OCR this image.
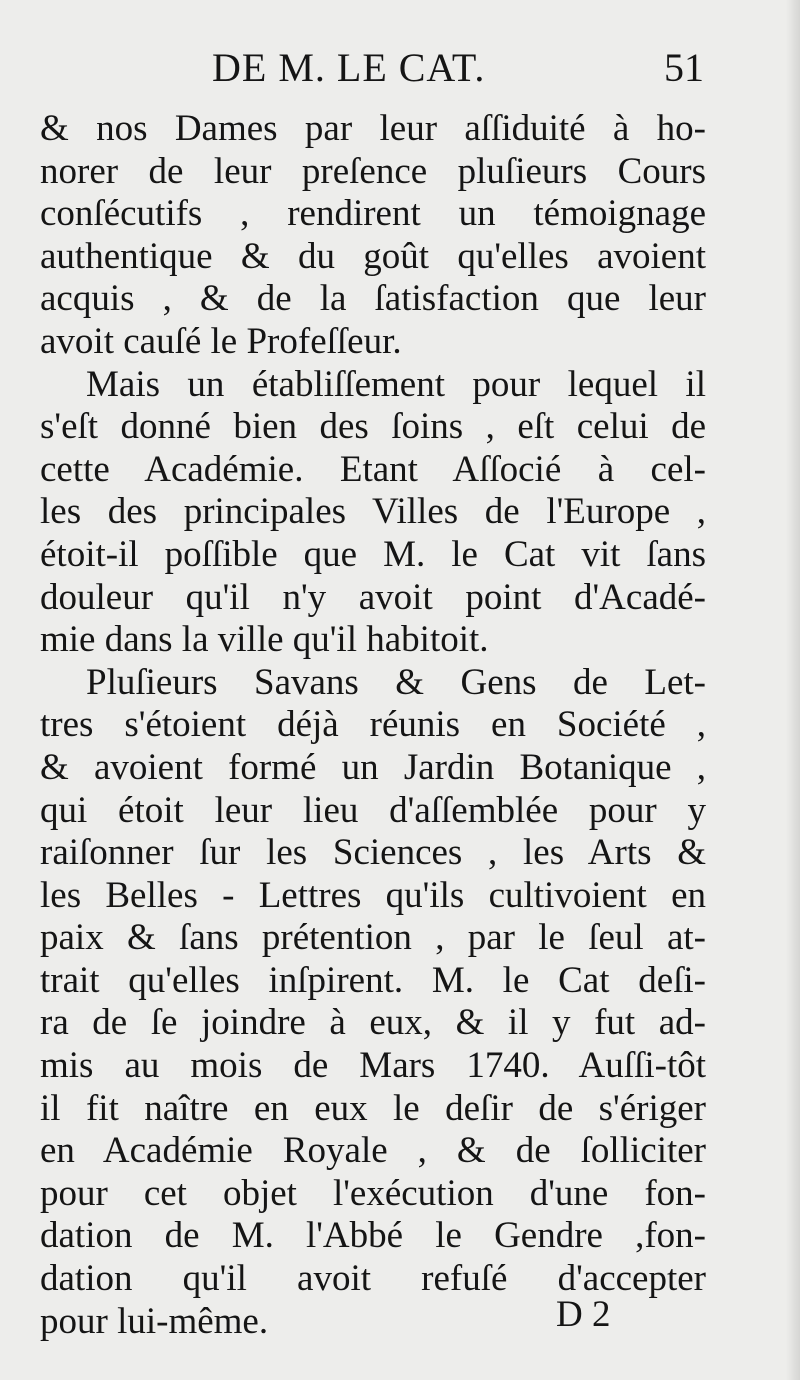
DE M. LE CAT.	51
& nos Dames par leur aſſiduité à ho-
norer de leur preſence pluſieurs Cours
conſécutifs , rendirent un témoignage
authentique & du goût qu'elles avoient
acquis , & de la ſatisfaction que leur
avoit cauſé le Profeſſeur.
Mais un établiſſement pour lequel il
s'eſt donné bien des ſoins , eſt celui de
cette Académie. Etant Aſſocié à cel-
les des principales Villes de l'Europe ,
étoit-il poſſible que M. le Cat vit ſans
douleur qu'il n'y avoit point d'Acadé-
mie dans la ville qu'il habitoit.
Pluſieurs Savans & Gens de Let-
tres s'étoient déjà réunis en Société ,
& avoient formé un Jardin Botanique ,
qui étoit leur lieu d'aſſemblée pour y
raiſonner ſur les Sciences , les Arts &
les Belles - Lettres qu'ils cultivoient en
paix & ſans prétention , par le ſeul at-
trait qu'elles inſpirent. M. le Cat deſi-
ra de ſe joindre à eux, & il y fut ad-
mis au mois de Mars 1740. Auſſi-tôt
il fit naître en eux le deſir de s'ériger
en Académie Royale , & de ſolliciter
pour cet objet l'exécution d'une fon-
dation de M. l'Abbé le Gendre ,fon-
dation qu'il avoit refuſé d'accepter
pour lui-même.	D 2
